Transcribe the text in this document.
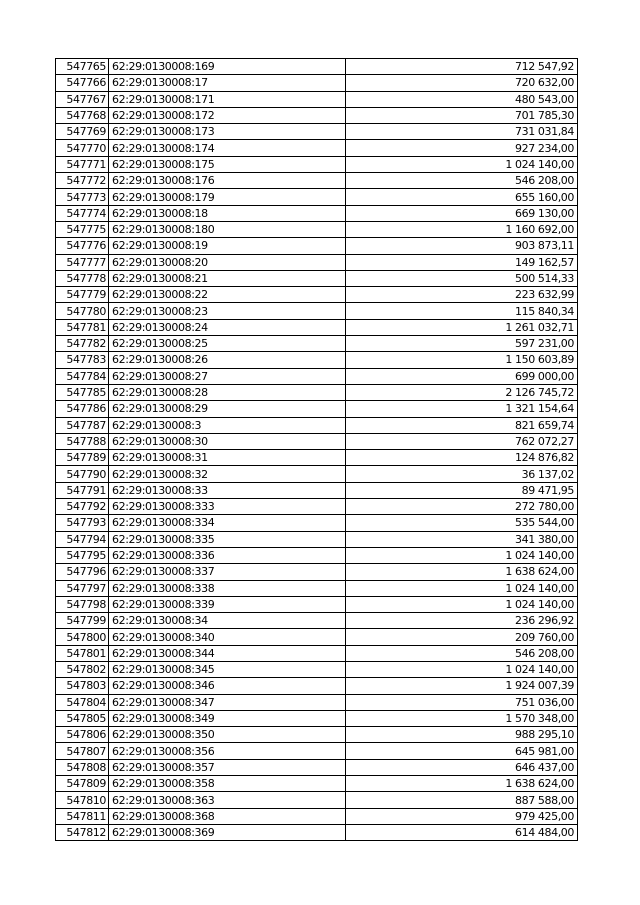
547765	62:29:0130008:169	712 547,92
547766	62:29:0130008:17	720 632,00
547767	62:29:0130008:171	480 543,00
547768	62:29:0130008:172	701 785,30
547769	62:29:0130008:173	731 031,84
547770	62:29:0130008:174	927 234,00
547771	62:29:0130008:175	1 024 140,00
547772	62:29:0130008:176	546 208,00
547773	62:29:0130008:179	655 160,00
547774	62:29:0130008:18	669 130,00
547775	62:29:0130008:180	1 160 692,00
547776	62:29:0130008:19	903 873,11
547777	62:29:0130008:20	149 162,57
547778	62:29:0130008:21	500 514,33
547779	62:29:0130008:22	223 632,99
547780	62:29:0130008:23	115 840,34
547781	62:29:0130008:24	1 261 032,71
547782	62:29:0130008:25	597 231,00
547783	62:29:0130008:26	1 150 603,89
547784	62:29:0130008:27	699 000,00
547785	62:29:0130008:28	2 126 745,72
547786	62:29:0130008:29	1 321 154,64
547787	62:29:0130008:3	821 659,74
547788	62:29:0130008:30	762 072,27
547789	62:29:0130008:31	124 876,82
547790	62:29:0130008:32	36 137,02
547791	62:29:0130008:33	89 471,95
547792	62:29:0130008:333	272 780,00
547793	62:29:0130008:334	535 544,00
547794	62:29:0130008:335	341 380,00
547795	62:29:0130008:336	1 024 140,00
547796	62:29:0130008:337	1 638 624,00
547797	62:29:0130008:338	1 024 140,00
547798	62:29:0130008:339	1 024 140,00
547799	62:29:0130008:34	236 296,92
547800	62:29:0130008:340	209 760,00
547801	62:29:0130008:344	546 208,00
547802	62:29:0130008:345	1 024 140,00
547803	62:29:0130008:346	1 924 007,39
547804	62:29:0130008:347	751 036,00
547805	62:29:0130008:349	1 570 348,00
547806	62:29:0130008:350	988 295,10
547807	62:29:0130008:356	645 981,00
547808	62:29:0130008:357	646 437,00
547809	62:29:0130008:358	1 638 624,00
547810	62:29:0130008:363	887 588,00
547811	62:29:0130008:368	979 425,00
547812	62:29:0130008:369	614 484,00
